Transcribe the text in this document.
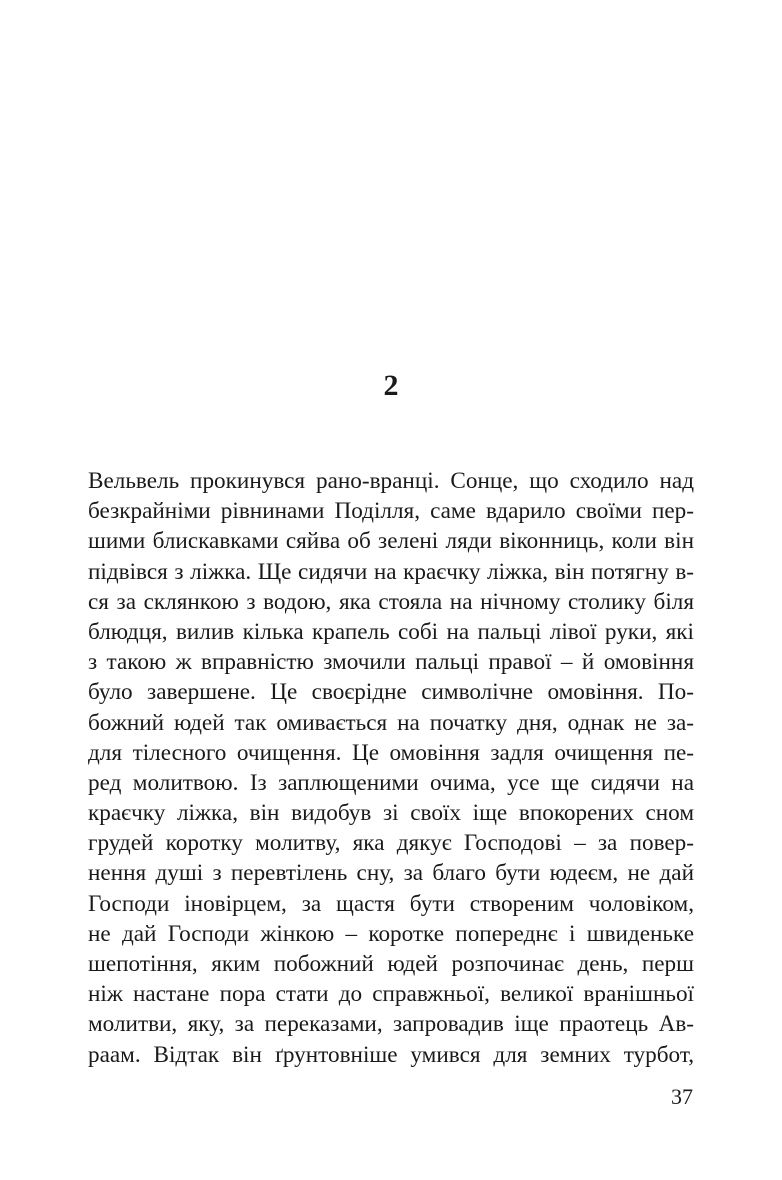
2
Вельвель прокинувся рано-вранці. Сонце, що сходило над
безкрайніми рівнинами Поділля, саме вдарило своїми пер-
шими блискавками сяйва об зелені ляди віконниць, коли він
підвівся з ліжка. Ще сидячи на краєчку ліжка, він потягну в-
ся за склянкою з водою, яка стояла на нічному столику біля
блюдця, вилив кілька крапель собі на пальці лівої руки, які
з такою ж вправністю змочили пальці правої – й омовіння
було завершене. Це своєрідне символічне омовіння. По-
божний юдей так омивається на початку дня, однак не за-
для тілесного очищення. Це омовіння задля очищення пе-
ред молитвою. Із заплющеними очима, усе ще сидячи на
краєчку ліжка, він видобув зі своїх іще впокорених сном
грудей коротку молитву, яка дякує Господові – за повер-
нення душі з перевтілень сну, за благо бути юдеєм, не дай
Господи іновірцем, за щастя бути створеним чоловіком,
не дай Господи жінкою – коротке попереднє і швиденьке
шепотіння, яким побожний юдей розпочинає день, перш
ніж настане пора стати до справжньої, великої вранішньої
молитви, яку, за переказами, запровадив іще праотець Ав-
раам. Відтак він ґрунтовніше умився для земних турбот,
37
